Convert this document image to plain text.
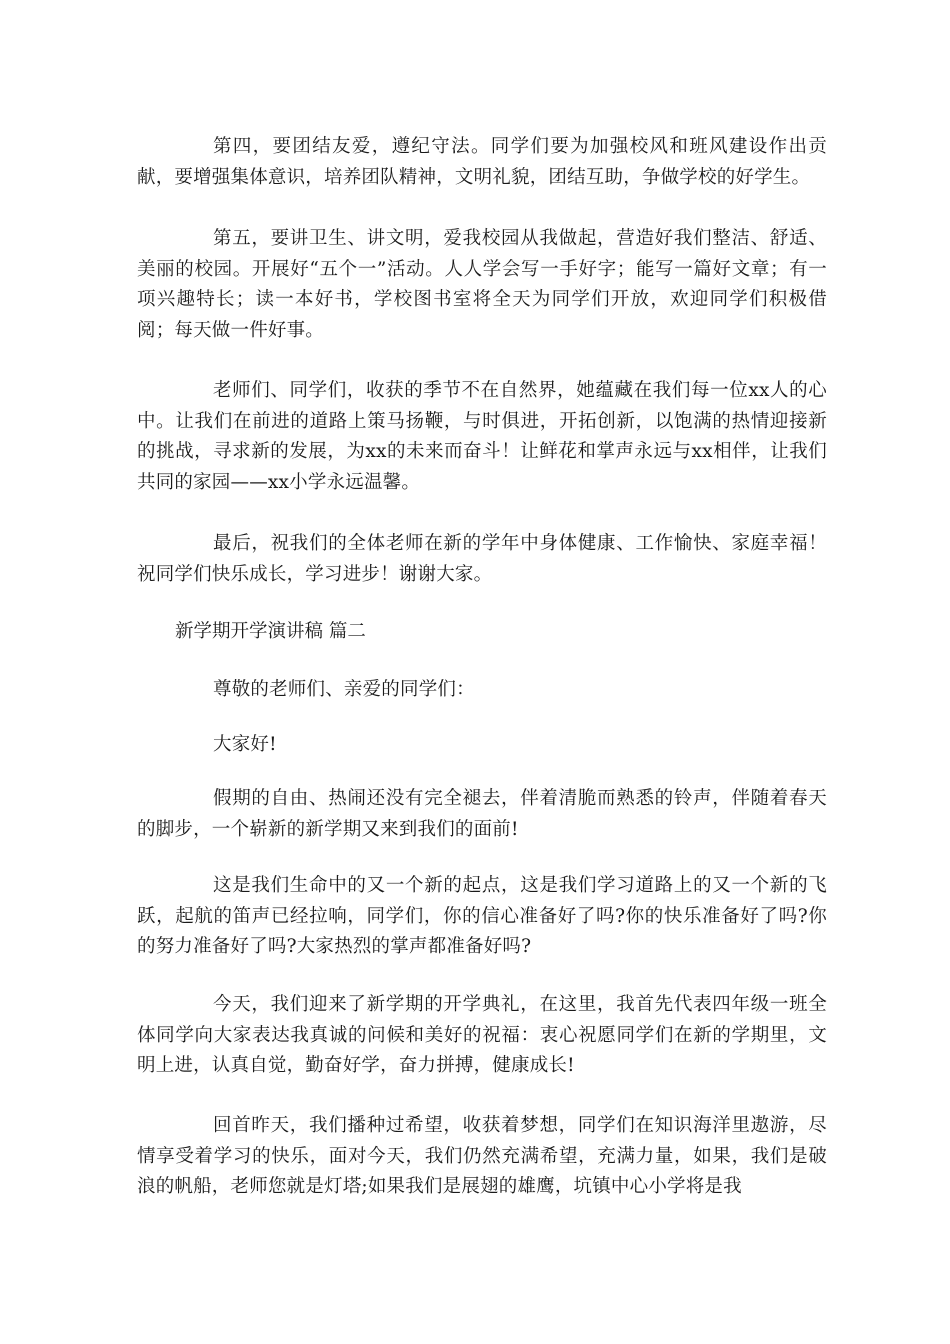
第四，要团结友爱，遵纪守法。同学们要为加强校风和班风建设作出贡献，要增强集体意识，培养团队精神，文明礼貌，团结互助，争做学校的好学生。

第五，要讲卫生、讲文明，爱我校园从我做起，营造好我们整洁、舒适、美丽的校园。开展好“五个一”活动。人人学会写一手好字；能写一篇好文章；有一项兴趣特长；读一本好书，学校图书室将全天为同学们开放，欢迎同学们积极借阅；每天做一件好事。

老师们、同学们，收获的季节不在自然界，她蕴藏在我们每一位xx人的心中。让我们在前进的道路上策马扬鞭，与时俱进，开拓创新，以饱满的热情迎接新的挑战，寻求新的发展，为xx的未来而奋斗！让鲜花和掌声永远与xx相伴，让我们共同的家园——xx小学永远温馨。

最后，祝我们的全体老师在新的学年中身体健康、工作愉快、家庭幸福！祝同学们快乐成长，学习进步！谢谢大家。

新学期开学演讲稿 篇二

尊敬的老师们、亲爱的同学们：

大家好!

假期的自由、热闹还没有完全褪去，伴着清脆而熟悉的铃声，伴随着春天的脚步，一个崭新的新学期又来到我们的面前!

这是我们生命中的又一个新的起点，这是我们学习道路上的又一个新的飞跃，起航的笛声已经拉响，同学们，你的信心准备好了吗?你的快乐准备好了吗?你的努力准备好了吗?大家热烈的掌声都准备好吗?

今天，我们迎来了新学期的开学典礼，在这里，我首先代表四年级一班全体同学向大家表达我真诚的问候和美好的祝福：衷心祝愿同学们在新的学期里，文明上进，认真自觉，勤奋好学，奋力拼搏，健康成长!

回首昨天，我们播种过希望，收获着梦想，同学们在知识海洋里遨游，尽情享受着学习的快乐，面对今天，我们仍然充满希望，充满力量，如果，我们是破浪的帆船，老师您就是灯塔;如果我们是展翅的雄鹰，坑镇中心小学将是我
